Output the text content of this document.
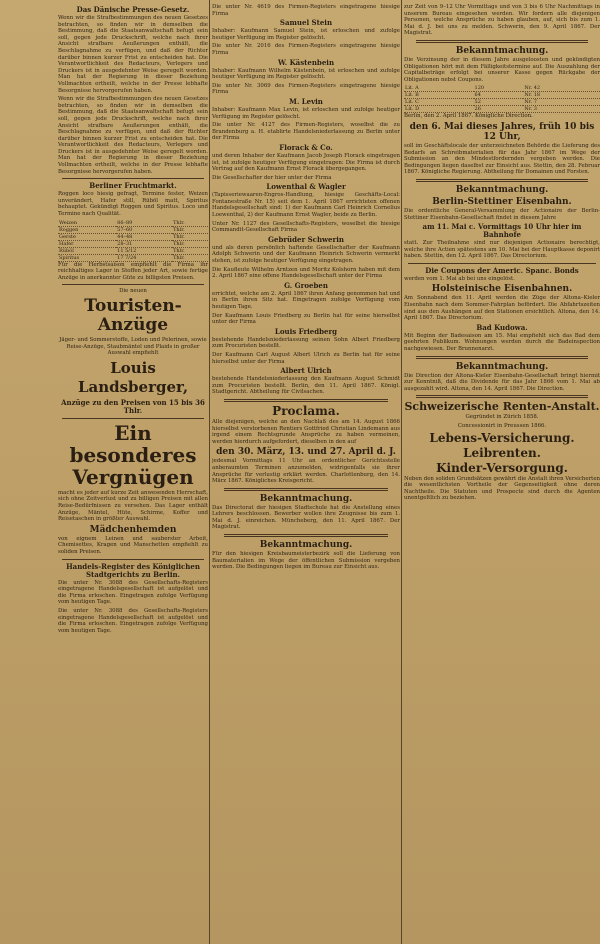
Das Dänische Presse-Gesetz.

Wenn wir die Strafbestimmungen des neuen Gesetzes betrachten, so finden wir in demselben die Bestimmung, daß die Staatsanwaltschaft befugt sein soll, gegen jede Druckschrift, welche nach ihrer Ansicht strafbare Aeußerungen enthält, die Beschlagnahme zu verfügen, und daß der Richter darüber binnen kurzer Frist zu entscheiden hat. Die Verantwortlichkeit des Redacteurs, Verlegers und Druckers ist in ausgedehnter Weise geregelt worden. Man hat der Regierung in dieser Beziehung Vollmachten ertheilt, welche in der Presse lebhafte Besorgnisse hervorgerufen haben.

Wenn wir die Strafbestimmungen des neuen Gesetzes betrachten, so finden wir in demselben die Bestimmung, daß die Staatsanwaltschaft befugt sein soll, gegen jede Druckschrift, welche nach ihrer Ansicht strafbare Aeußerungen enthält, die Beschlagnahme zu verfügen, und daß der Richter darüber binnen kurzer Frist zu entscheiden hat. Die Verantwortlichkeit des Redacteurs, Verlegers und Druckers ist in ausgedehnter Weise geregelt worden. Man hat der Regierung in dieser Beziehung Vollmachten ertheilt, welche in der Presse lebhafte Besorgnisse hervorgerufen haben.

Berliner Fruchtmarkt.

Roggen loco hiesig gefragt, Termine fester, Weizen unverändert, Hafer still, Rüböl matt, Spiritus behauptet. Gekündigt Roggen und Spiritus. Loco und Termine nach Qualität.

Weizen	86–89	Thlr.
Roggen	57–60	Thlr.
Gerste	44–48	Thlr.
Hafer	28–31	Thlr.
Rüböl	11 5/12	Thlr.
Spiritus	17 7/24	Thlr.

Für die Herbstsaison empfiehlt die Firma ihr reichhaltiges Lager in Stoffen jeder Art, sowie fertige Anzüge in anerkannter Güte zu billigsten Preisen.

Die neuen
Touristen-Anzüge

Jäger- und Sommerstoffe, Loden und Pelerinen, sowie Reise-Anzüge, Staubmäntel und Plaids in großer Auswahl empfiehlt

Louis Landsberger,
Anzüge zu den Preisen von 15 bis 36 Thlr.
Ein besonderes Vergnügen

macht es jeder auf kurze Zeit anwesenden Herrschaft, sich ohne Zeitverlust und zu billigen Preisen mit allen Reise-Bedürfnissen zu versehen. Das Lager enthält Anzüge, Mäntel, Hüte, Schirme, Koffer und Reisetaschen in größter Auswahl.

Mädchenhemden

von eignem Leinen und sauberster Arbeit, Chemisettes, Kragen und Manschetten empfiehlt zu soliden Preisen.

Handels-Register des Königlichen Stadtgerichts zu Berlin.

Die unter Nr. 3088 des Gesellschafts-Registers eingetragene Handelsgesellschaft ist aufgelöst und die Firma erloschen. Eingetragen zufolge Verfügung vom heutigen Tage.

Die unter Nr. 3088 des Gesellschafts-Registers eingetragene Handelsgesellschaft ist aufgelöst und die Firma erloschen. Eingetragen zufolge Verfügung vom heutigen Tage.

Die unter Nr. 4619 des Firmen-Registers eingetragene hiesige Firma

Samuel Stein

Inhaber: Kaufmann Samuel Stein, ist erloschen und zufolge heutiger Verfügung im Register gelöscht.

Die unter Nr. 2016 des Firmen-Registers eingetragene hiesige Firma

W. Kästenbein

Inhaber: Kaufmann Wilhelm Kästenbein, ist erloschen und zufolge heutiger Verfügung im Register gelöscht.

Die unter Nr. 3069 des Firmen-Registers eingetragene hiesige Firma

M. Levin

Inhaber: Kaufmann Max Levin, ist erloschen und zufolge heutiger Verfügung im Register gelöscht.

Die unter Nr. 4127 des Firmen-Registers, woselbst die zu Brandenburg a. H. etablirte Handelsniederlassung zu Berlin unter der Firma

Florack & Co.

und deren Inhaber der Kaufmann Jacob Joseph Florack eingetragen ist, ist zufolge heutiger Verfügung eingetragen: Die Firma ist durch Vertrag auf den Kaufmann Ernst Florack übergegangen.

Die Gesellschafter der hier unter der Firma

Lowenthal & Wagler

(Tapisseriewaaren-Engros-Handlung, hiesige Geschäfts-Local: Fontanestraße Nr. 15) seit dem 1. April 1867 errichteten offenen Handelsgesellschaft sind: 1) der Kaufmann Carl Heinrich Cornelius Loewenthal, 2) der Kaufmann Ernst Wagler, beide zu Berlin.

Unter Nr. 1127 des Gesellschafts-Registers, woselbst die hiesige Commandit-Gesellschaft Firma

Gebrüder Schwerin

und als deren persönlich haftende Gesellschafter der Kaufmann Adolph Schwerin und der Kaufmann Heinrich Schwerin vermerkt stehen, ist zufolge heutiger Verfügung eingetragen.

Die Kaufleute Wilhelm Arntzen und Moritz Kolshorn haben mit dem 2. April 1867 eine offene Handelsgesellschaft unter der Firma

G. Groeben

errichtet, welche am 2. April 1867 ihren Anfang genommen hat und in Berlin ihren Sitz hat. Eingetragen zufolge Verfügung vom heutigen Tage.

Der Kaufmann Louis Friedberg zu Berlin hat für seine hierselbst unter der Firma

Louis Friedberg

bestehende Handelsniederlassung seinen Sohn Albert Friedberg zum Procuristen bestellt.

Der Kaufmann Carl August Albert Ulrich zu Berlin hat für seine hierselbst unter der Firma

Albert Ulrich

bestehende Handelsniederlassung den Kaufmann August Schmidt zum Procuristen bestellt. Berlin, den 11. April 1867. Königl. Stadtgericht. Abtheilung für Civilsachen.

Proclama.

Alle diejenigen, welche an den Nachlaß des am 14. August 1866 hierselbst verstorbenen Rentiers Gottfried Christian Lindemann aus irgend einem Rechtsgrunde Ansprüche zu haben vermeinen, werden hierdurch aufgefordert, dieselben in den auf

den 30. März, 13. und 27. April d. J.

jedesmal Vormittags 11 Uhr an ordentlicher Gerichtsstelle anberaumten Terminen anzumelden, widrigenfalls sie ihrer Ansprüche für verlustig erklärt werden. Charlottenburg, den 14. März 1867. Königliches Kreisgericht.

Bekanntmachung.

Das Directorat der hiesigen Stadtschule hat die Anstellung eines Lehrers beschlossen. Bewerber wollen ihre Zeugnisse bis zum 1. Mai d. J. einreichen. Müncheberg, den 11. April 1867. Der Magistrat.

Bekanntmachung.

Für den hiesigen Kreisbaumeisterbezirk soll die Lieferung von Baumaterialien im Wege der öffentlichen Submission vergeben werden. Die Bedingungen liegen im Bureau zur Einsicht aus.

zur Zeit von 9–12 Uhr Vormittags und von 3 bis 6 Uhr Nachmittags in unserem Bureau eingesehen werden. Wir fordern alle diejenigen Personen, welche Ansprüche zu haben glauben, auf, sich bis zum 1. Mai d. J. bei uns zu melden. Schwerin, den 9. April 1867. Der Magistrat.

Bekanntmachung.

Die Verzinsung der in diesem Jahre ausgeloosten und gekündigten Obligationen hört mit dem Fälligkeitstermine auf. Die Auszahlung der Capitalbeträge erfolgt bei unserer Kasse gegen Rückgabe der Obligationen nebst Coupons.

Lit. A	120	Nr. 42
Lit. B	64	Nr. 18
Lit. C	52	Nr. 7
Lit. D	26	Nr. 3

Berlin, den 2. April 1867. Königliche Direction.

den 6. Mai dieses Jahres, früh 10 bis 12 Uhr,

soll im Geschäftslocale der unterzeichneten Behörde die Lieferung des Bedarfs an Schreibmaterialien für das Jahr 1867 im Wege der Submission an den Mindestfordernden vergeben werden. Die Bedingungen liegen daselbst zur Einsicht aus. Stettin, den 28. Februar 1867. Königliche Regierung. Abtheilung für Domainen und Forsten.

Bekanntmachung.
Berlin-Stettiner Eisenbahn.

Die ordentliche General-Versammlung der Actionaire der Berlin-Stettiner Eisenbahn-Gesellschaft findet in diesem Jahre

am 11. Mai c. Vormittags 10 Uhr hier im Bahnhofe

statt. Zur Theilnahme sind nur diejenigen Actionaire berechtigt, welche ihre Actien spätestens am 10. Mai bei der Hauptkasse deponirt haben. Stettin, den 12. April 1867. Das Directorium.

Die Coupons der Americ. Spanc. Bonds

werden vom 1. Mai ab bei uns eingelöst.

Holsteinische Eisenbahnen.

Am Sonnabend den 11. April werden die Züge der Altona–Kieler Eisenbahn nach dem Sommer-Fahrplan befördert. Die Abfahrtszeiten sind aus den Aushängen auf den Stationen ersichtlich. Altona, den 14. April 1867. Das Directorium.

Bad Kudowa.

Mit Beginn der Badesaison am 15. Mai empfiehlt sich das Bad dem geehrten Publikum. Wohnungen werden durch die Badeinspection nachgewiesen. Der Brunnenarzt.

Bekanntmachung.

Die Direction der Altona-Kieler Eisenbahn-Gesellschaft bringt hiermit zur Kenntniß, daß die Dividende für das Jahr 1866 vom 1. Mai ab ausgezahlt wird. Altona, den 14. April 1867. Die Direction.

Schweizerische Renten-Anstalt.
Gegründet in Zürich 1858.
Concessionirt in Preussen 1866.
Lebens-Versicherung.
Leibrenten.
Kinder-Versorgung.

Neben den soliden Grundsätzen gewährt die Anstalt ihren Versicherten die wesentlichsten Vortheile der Gegenseitigkeit ohne deren Nachtheile. Die Statuten und Prospecte sind durch die Agenten unentgeltlich zu beziehen.
